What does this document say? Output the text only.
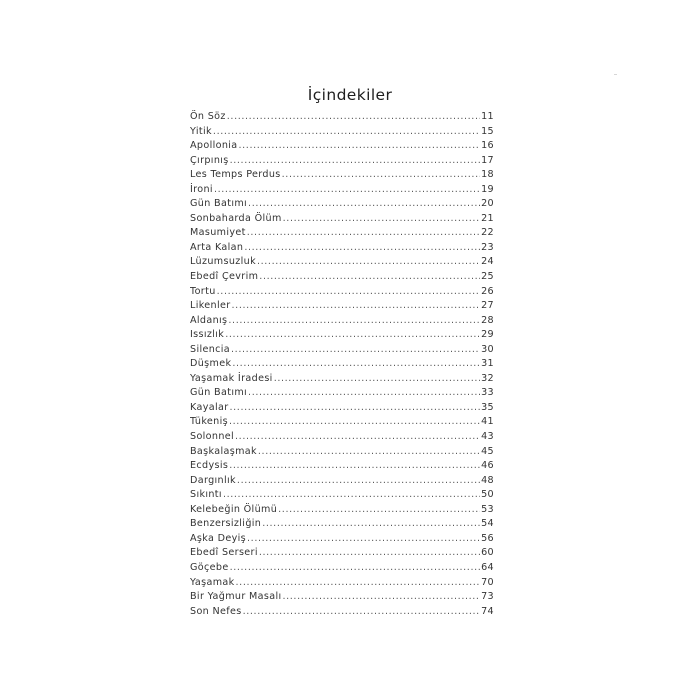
İçindekiler
Ön Söz .....	11
Yitik .....	15
Apollonia .....	16
Çırpınış .....	17
Les Temps Perdus .....	18
İroni .....	19
Gün Batımı .....	20
Sonbaharda Ölüm .....	21
Masumiyet .....	22
Arta Kalan .....	23
Lüzumsuzluk .....	24
Ebedî Çevrim .....	25
Tortu .....	26
Likenler .....	27
Aldanış .....	28
Issızlık .....	29
Silencia .....	30
Düşmek .....	31
Yaşamak İradesi .....	32
Gün Batımı .....	33
Kayalar .....	35
Tükeniş .....	41
Solonnel .....	43
Başkalaşmak .....	45
Ecdysis .....	46
Dargınlık .....	48
Sıkıntı .....	50
Kelebeğin Ölümü .....	53
Benzersizliğin .....	54
Aşka Deyiş .....	56
Ebedî Serseri .....	60
Göçebe .....	64
Yaşamak .....	70
Bir Yağmur Masalı .....	73
Son Nefes .....	74
